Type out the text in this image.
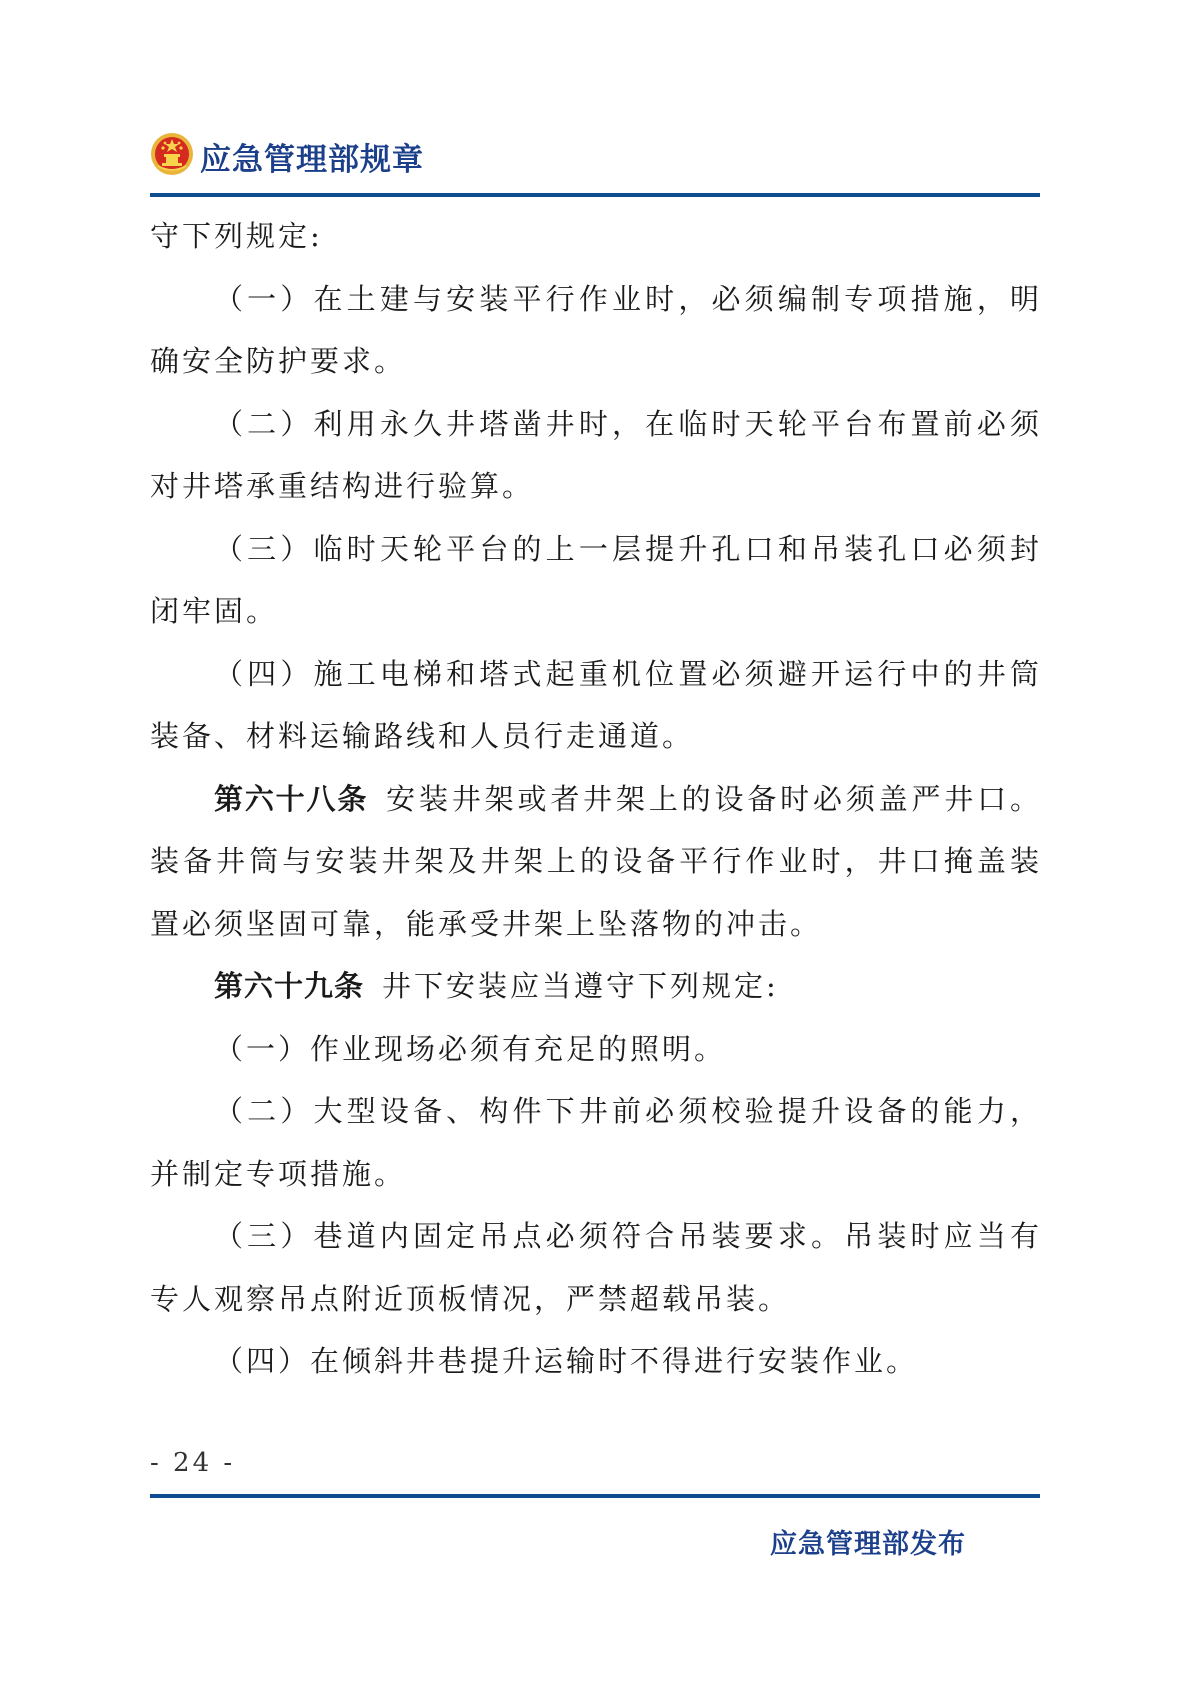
应急管理部规章

守下列规定:

（一）在土建与安装平行作业时，必须编制专项措施，明确安全防护要求。

（二）利用永久井塔凿井时，在临时天轮平台布置前必须对井塔承重结构进行验算。

（三）临时天轮平台的上一层提升孔口和吊装孔口必须封闭牢固。

（四）施工电梯和塔式起重机位置必须避开运行中的井筒装备、材料运输路线和人员行走通道。

第六十八条 安装井架或者井架上的设备时必须盖严井口。装备井筒与安装井架及井架上的设备平行作业时，井口掩盖装置必须坚固可靠，能承受井架上坠落物的冲击。

第六十九条 井下安装应当遵守下列规定:

（一）作业现场必须有充足的照明。

（二）大型设备、构件下井前必须校验提升设备的能力，并制定专项措施。

（三）巷道内固定吊点必须符合吊装要求。吊装时应当有专人观察吊点附近顶板情况，严禁超载吊装。

（四）在倾斜井巷提升运输时不得进行安装作业。

- 24 -
应急管理部发布
